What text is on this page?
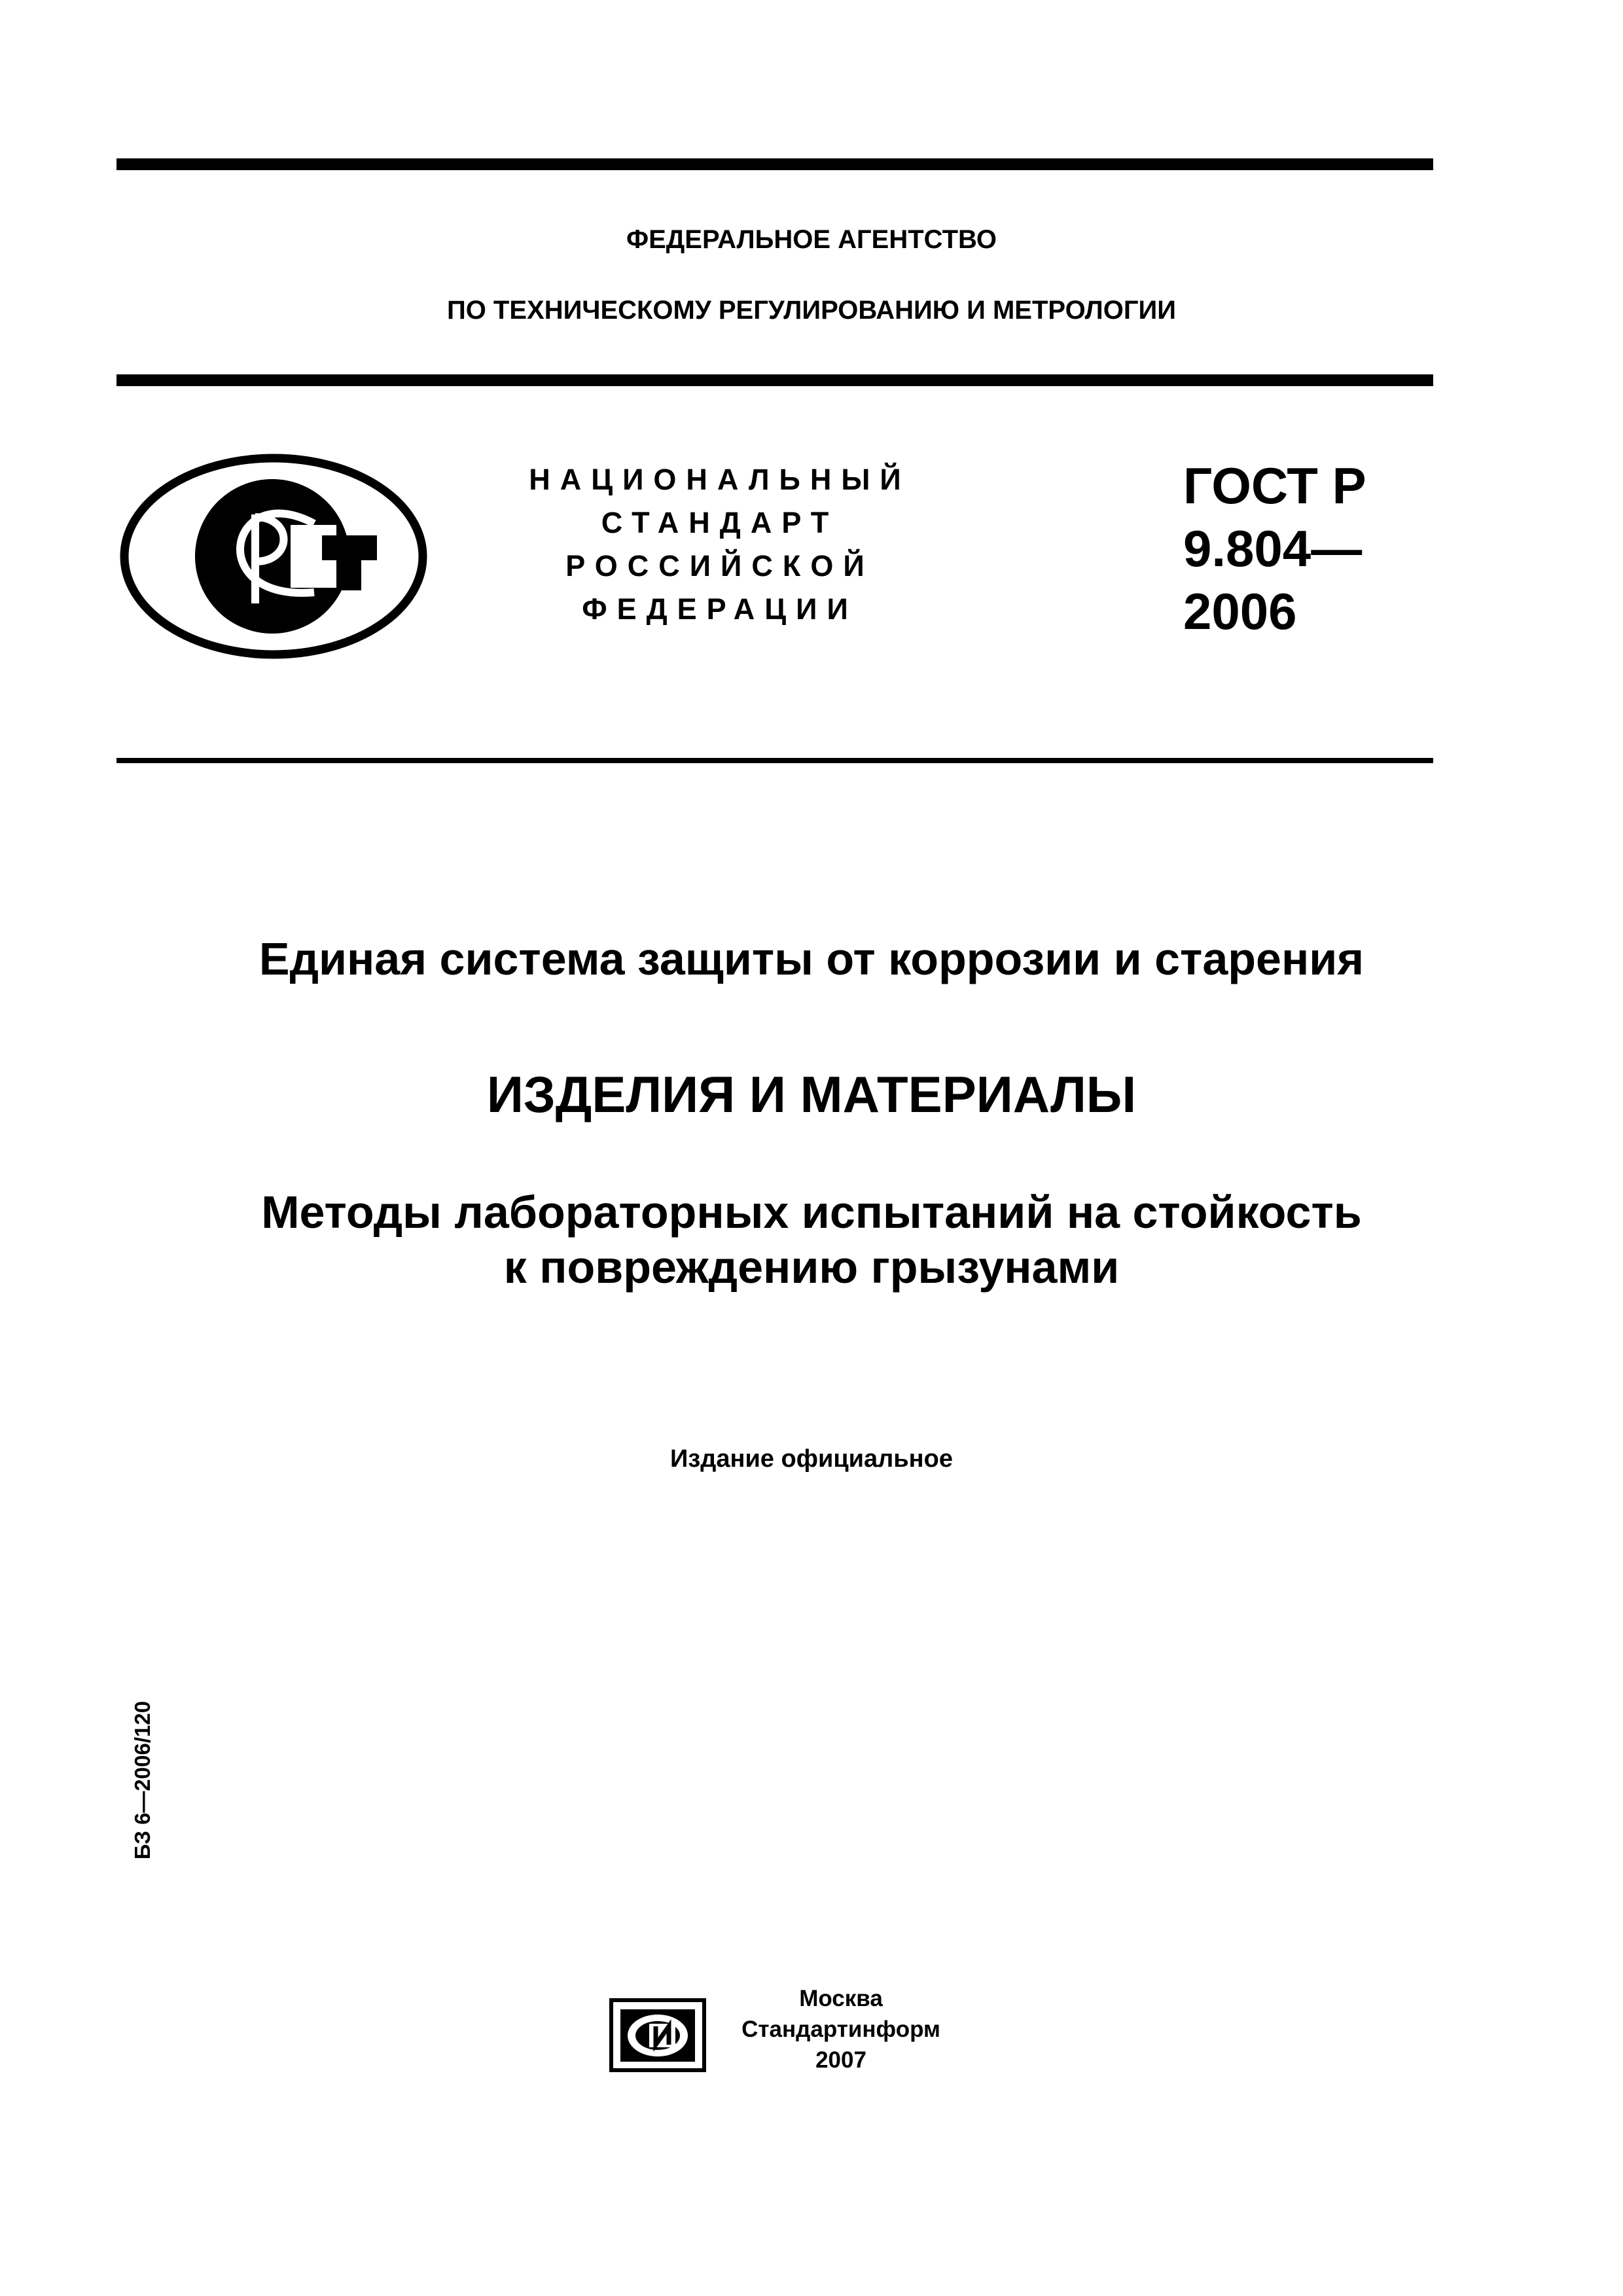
ФЕДЕРАЛЬНОЕ АГЕНТСТВО
ПО ТЕХНИЧЕСКОМУ РЕГУЛИРОВАНИЮ И МЕТРОЛОГИИ
НАЦИОНАЛЬНЫЙ
СТАНДАРТ
РОССИЙСКОЙ
ФЕДЕРАЦИИ
ГОСТ Р
9.804—
2006
Единая система защиты от коррозии и старения
ИЗДЕЛИЯ И МАТЕРИАЛЫ
Методы лабораторных испытаний на стойкость
к повреждению грызунами
Издание официальное
БЗ 6—2006/120
Москва
Стандартинформ
2007
